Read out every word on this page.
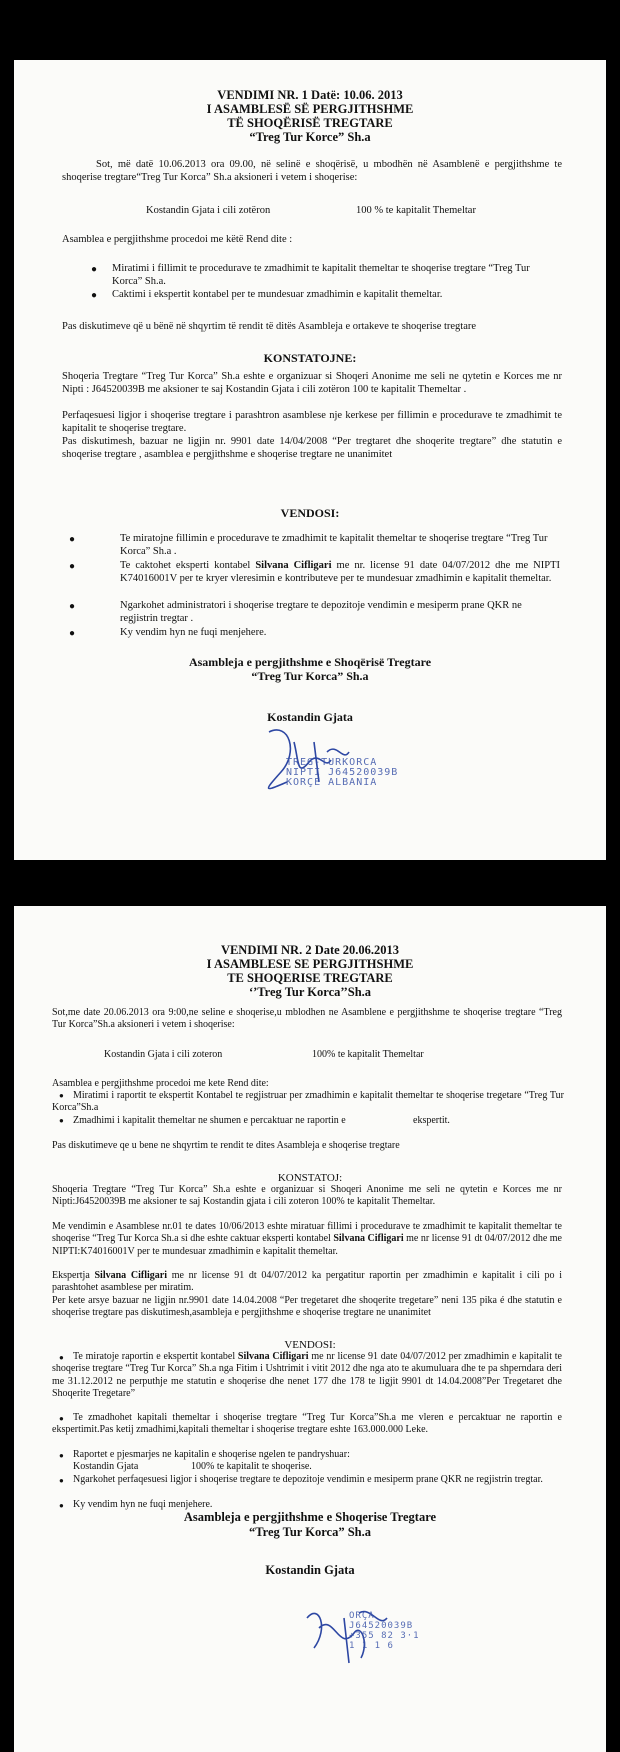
VENDIMI NR. 1 Datë: 10.06. 2013
I ASAMBLESË SË PERGJITHSHME
TË SHOQËRISË TREGTARE
“Treg Tur Korce” Sh.a
Sot, më datë 10.06.2013 ora 09.00, në selinë e shoqërisë, u mbodhën në Asamblenë e pergjithshme te shoqerise tregtare“Treg Tur Korca” Sh.a aksioneri i vetem i shoqerise:
Kostandin Gjata i cili zotëron	100 % te kapitalit Themeltar
Asamblea e pergjithshme procedoi me këtë Rend dite :
● Miratimi i fillimit te procedurave te zmadhimit te kapitalit themeltar te shoqerise tregtare “Treg Tur Korca” Sh.a.
● Caktimi i ekspertit kontabel per te mundesuar zmadhimin e kapitalit themeltar.
Pas diskutimeve që u bënë në shqyrtim të rendit të ditës Asambleja e ortakeve te shoqerise tregtare
KONSTATOJNE:
Shoqeria Tregtare “Treg Tur Korca” Sh.a eshte e organizuar si Shoqeri Anonime me seli ne qytetin e Korces me nr Nipti : J64520039B me aksioner te saj Kostandin Gjata i cili zotëron 100 te kapitalit Themeltar .
Perfaqesuesi ligjor i shoqerise tregtare i parashtron asamblese nje kerkese per fillimin e procedurave te zmadhimit te kapitalit te shoqerise tregtare.
Pas diskutimesh, bazuar ne ligjin nr. 9901 date 14/04/2008 “Per tregtaret dhe shoqerite tregtare” dhe statutin e shoqerise tregtare , asamblea e pergjithshme e shoqerise tregtare ne unanimitet
VENDOSI:
●	Te miratojne fillimin e procedurave te zmadhimit te kapitalit themeltar te shoqerise tregtare “Treg Tur Korca” Sh.a .
●	Te caktohet eksperti kontabel Silvana Cifligari me nr. license 91 date 04/07/2012 dhe me NIPTI K74016001V per te kryer vleresimin e kontributeve per te mundesuar zmadhimin e kapitalit themeltar.
●	Ngarkohet administratori i shoqerise tregtare te depozitoje vendimin e mesiperm prane QKR ne regjistrin tregtar .
●	Ky vendim hyn ne fuqi menjehere.
Asambleja e pergjithshme e Shoqërisë Tregtare
“Treg Tur Korca” Sh.a
Kostandin Gjata
TREG-TURKORCA
NIPTI J64520039B
KORÇE ALBANIA
VENDIMI NR. 2 Date 20.06.2013
I ASAMBLESE SE PERGJITHSHME
TE SHOQERISE TREGTARE
‘’Treg Tur Korca’’Sh.a
Sot,me date 20.06.2013 ora 9:00,ne seline e shoqerise,u mblodhen ne Asamblene e pergjithshme te shoqerise tregtare “Treg Tur Korca”Sh.a aksioneri i vetem i shoqerise:
Kostandin Gjata i cili zoteron	100% te kapitalit Themeltar
Asamblea e pergjithshme procedoi me kete Rend dite:
● Miratimi i raportit te ekspertit Kontabel te regjistruar per zmadhimin e kapitalit themeltar te shoqerise tregetare “Treg Tur Korca”Sh.a
● Zmadhimi i kapitalit themeltar ne shumen e percaktuar ne raportin e	ekspertit.
Pas diskutimeve qe u bene ne shqyrtim te rendit te dites Asambleja e shoqerise tregtare
KONSTATOJ:
Shoqeria Tregtare “Treg Tur Korca” Sh.a eshte e organizuar si Shoqeri Anonime me seli ne qytetin e Korces me nr Nipti:J64520039B me aksioner te saj Kostandin gjata i cili zoteron 100% te kapitalit Themeltar.
Me vendimin e Asamblese nr.01 te dates 10/06/2013 eshte miratuar fillimi i procedurave te zmadhimit te kapitalit themeltar te shoqerise “Treg Tur Korca Sh.a si dhe eshte caktuar eksperti kontabel Silvana Cifligari me nr license 91 dt 04/07/2012 dhe me NIPTI:K74016001V per te mundesuar zmadhimin e kapitalit themeltar.
Ekspertja Silvana Cifligari me nr license 91 dt 04/07/2012 ka pergatitur raportin per zmadhimin e kapitalit i cili po i parashtohet asamblese per miratim.
Per kete arsye bazuar ne ligjin nr.9901 date 14.04.2008 “Per tregetaret dhe shoqerite tregetare” neni 135 pika é dhe statutin e shoqerise tregtare pas diskutimesh,asambleja e pergjithshme e shoqerise tregtare ne unanimitet
VENDOSI:
● Te miratoje raportin e ekspertit kontabel Silvana Cifligari me nr license 91 date 04/07/2012 per zmadhimin e kapitalit te shoqerise tregtare “Treg Tur Korca” Sh.a nga Fitim i Ushtrimit i vitit 2012 dhe nga ato te akumuluara dhe te pa shperndara deri me 31.12.2012 ne perputhje me statutin e shoqerise dhe nenet 177 dhe 178 te ligjit 9901 dt 14.04.2008”Per Tregetaret dhe Shoqerite Tregetare”
● Te zmadhohet kapitali themeltar i shoqerise tregtare “Treg Tur Korca”Sh.a me vleren e percaktuar ne raportin e ekspertimit.Pas ketij zmadhimi,kapitali themeltar i shoqerise tregtare eshte 163.000.000 Leke.
● Raportet e pjesmarjes ne kapitalin e shoqerise ngelen te pandryshuar:
Kostandin Gjata	100% te kapitalit te shoqerise.
● Ngarkohet perfaqesuesi ligjor i shoqerise tregtare te depozitoje vendimin e mesiperm prane QKR ne regjistrin tregtar.
● Ky vendim hyn ne fuqi menjehere.
Asambleja e pergjithshme e Shoqerise Tregtare
“Treg Tur Korca” Sh.a
Kostandin Gjata
ORÇA
J64520039B
+355 82 3·1
1 1 1 6
